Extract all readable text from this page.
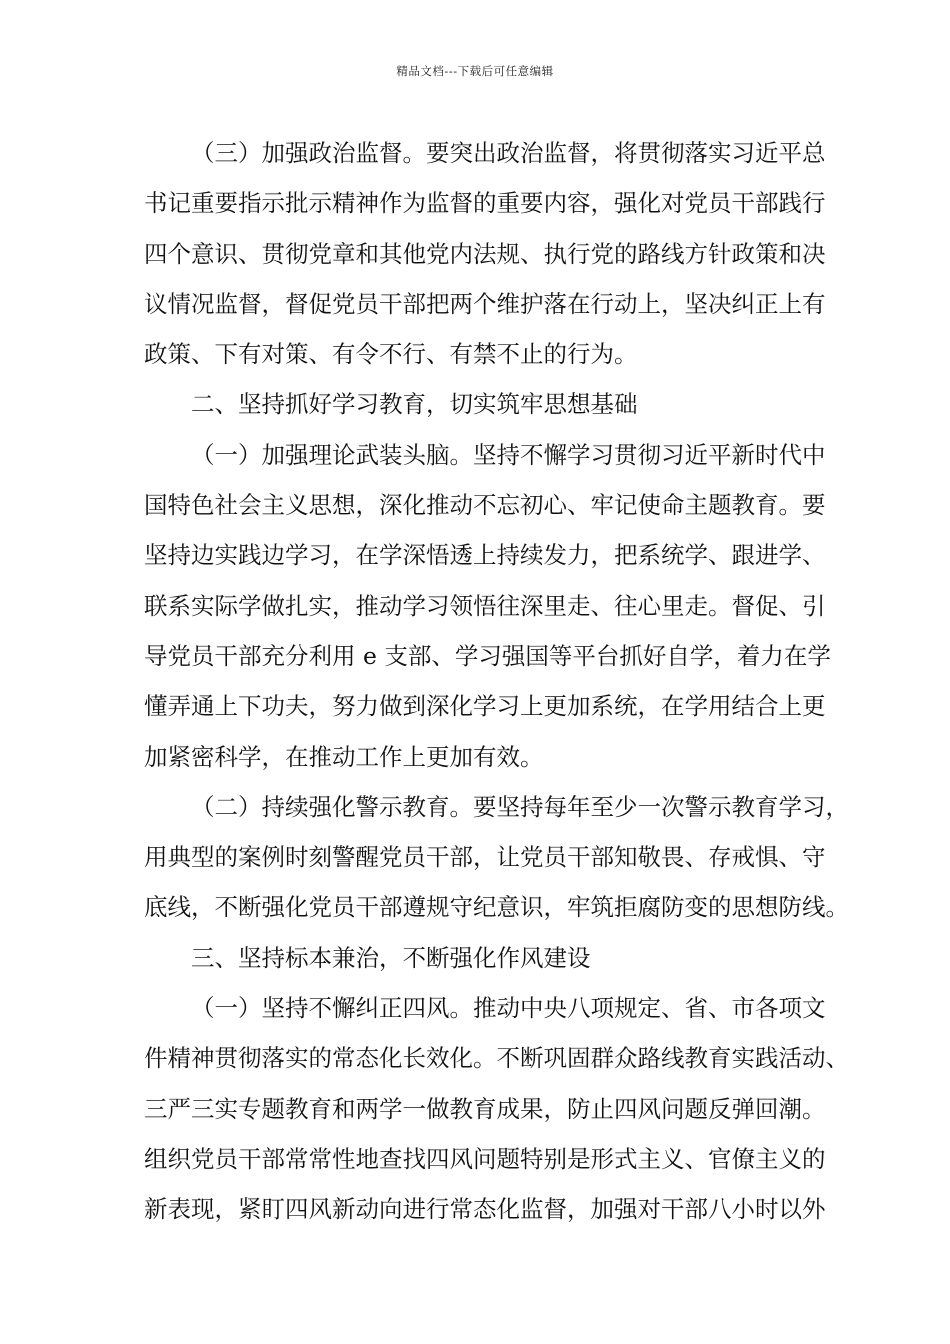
精品文档---下载后可任意编辑
（三）加强政治监督。要突出政治监督，将贯彻落实习近平总
书记重要指示批示精神作为监督的重要内容，强化对党员干部践行
四个意识、贯彻党章和其他党内法规、执行党的路线方针政策和决
议情况监督，督促党员干部把两个维护落在行动上，坚决纠正上有
政策、下有对策、有令不行、有禁不止的行为。
二、坚持抓好学习教育，切实筑牢思想基础
（一）加强理论武装头脑。坚持不懈学习贯彻习近平新时代中
国特色社会主义思想，深化推动不忘初心、牢记使命主题教育。要
坚持边实践边学习，在学深悟透上持续发力，把系统学、跟进学、
联系实际学做扎实，推动学习领悟往深里走、往心里走。督促、引
导党员干部充分利用 e 支部、学习强国等平台抓好自学，着力在学
懂弄通上下功夫，努力做到深化学习上更加系统，在学用结合上更
加紧密科学，在推动工作上更加有效。
（二）持续强化警示教育。要坚持每年至少一次警示教育学习，
用典型的案例时刻警醒党员干部，让党员干部知敬畏、存戒惧、守
底线，不断强化党员干部遵规守纪意识，牢筑拒腐防变的思想防线。
三、坚持标本兼治，不断强化作风建设
（一）坚持不懈纠正四风。推动中央八项规定、省、市各项文
件精神贯彻落实的常态化长效化。不断巩固群众路线教育实践活动、
三严三实专题教育和两学一做教育成果，防止四风问题反弹回潮。
组织党员干部常常性地查找四风问题特别是形式主义、官僚主义的
新表现，紧盯四风新动向进行常态化监督，加强对干部八小时以外
